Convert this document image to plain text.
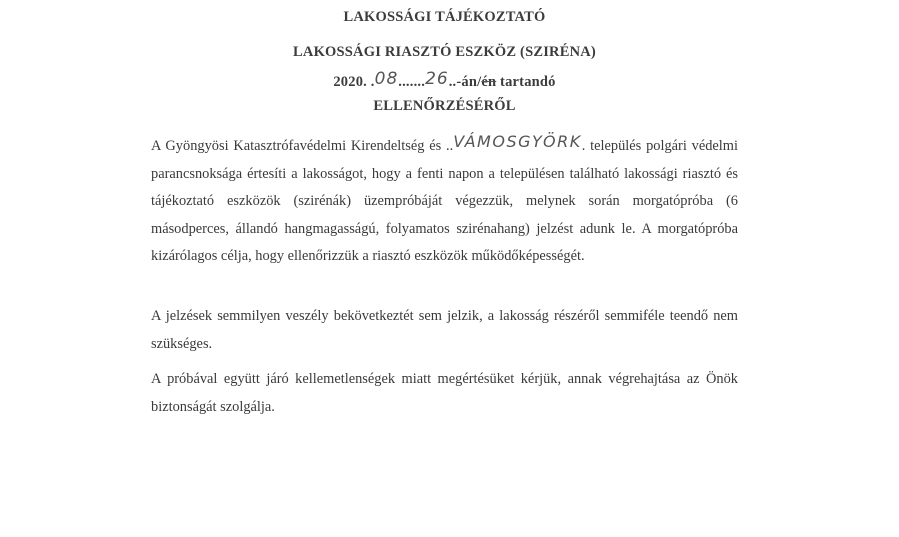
LAKOSSÁGI TÁJÉKOZTATÓ
LAKOSSÁGI RIASZTÓ ESZKÖZ (SZIRÉNA)
2020. .08.......26..-án/én tartandó
ELLENŐRZÉSÉRŐL
A Gyöngyösi Katasztrófavédelmi Kirendeltség és ..VÁMOSGYÖRK. település polgári védelmi parancsnoksága értesíti a lakosságot, hogy a fenti napon a településen található lakossági riasztó és tájékoztató eszközök (szirénák) üzempróbáját végezzük, melynek során morgatópróba (6 másodperces, állandó hangmagasságú, folyamatos szirénahang) jelzést adunk le. A morgatópróba kizárólagos célja, hogy ellenőrizzük a riasztó eszközök működőképességét.
A jelzések semmilyen veszély bekövetkeztét sem jelzik, a lakosság részéről semmiféle teendő nem szükséges.
A próbával együtt járó kellemetlenségek miatt megértésüket kérjük, annak végrehajtása az Önök biztonságát szolgálja.
